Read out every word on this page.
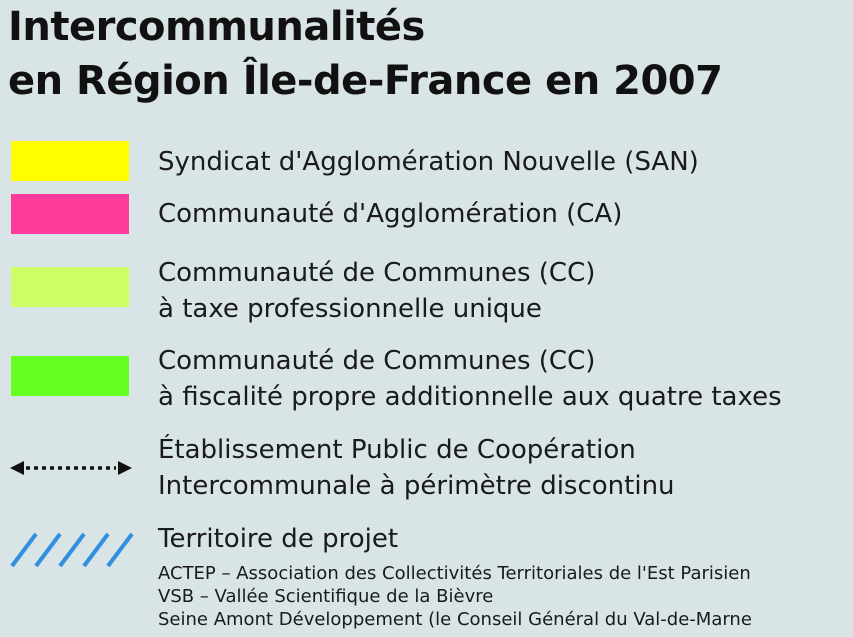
Intercommunalités
en Région Île-de-France en 2007
Syndicat d'Agglomération Nouvelle (SAN)
Communauté d'Agglomération (CA)
Communauté de Communes (CC)
à taxe professionnelle unique
Communauté de Communes (CC)
à fiscalité propre additionnelle aux quatre taxes
Établissement Public de Coopération
Intercommunale à périmètre discontinu
Territoire de projet
ACTEP – Association des Collectivités Territoriales de l'Est Parisien
VSB – Vallée Scientifique de la Bièvre
Seine Amont Développement (le Conseil Général du Val-de-Marne
